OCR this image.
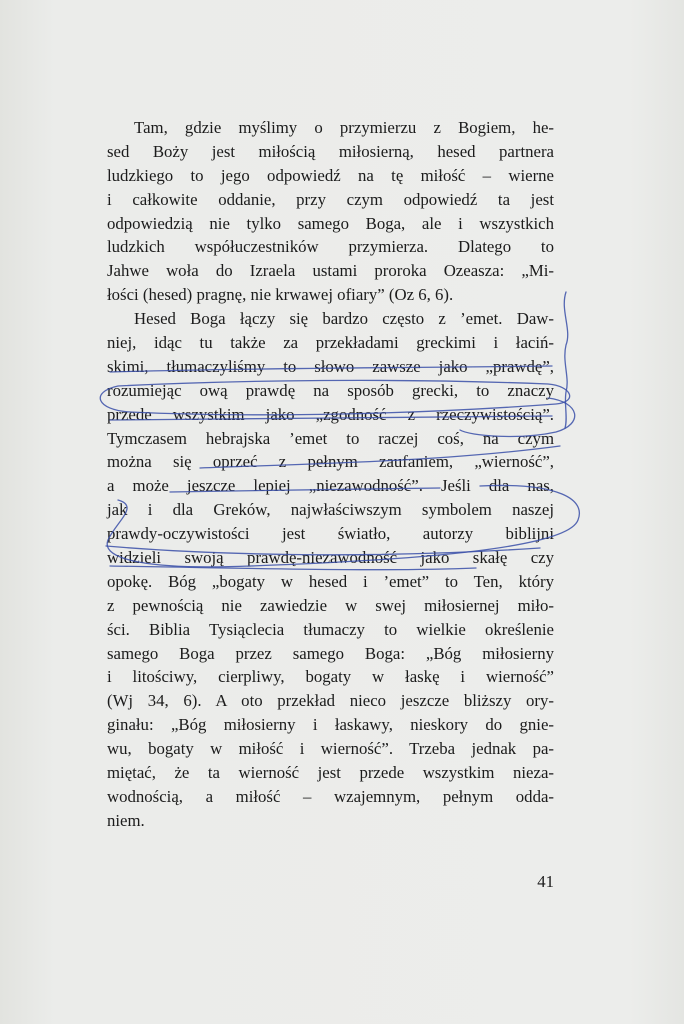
Tam, gdzie myślimy o przymierzu z Bogiem, he-
sed Boży jest miłością miłosierną, hesed partnera
ludzkiego to jego odpowiedź na tę miłość – wierne
i całkowite oddanie, przy czym odpowiedź ta jest
odpowiedzią nie tylko samego Boga, ale i wszystkich
ludzkich współuczestników przymierza. Dlatego to
Jahwe woła do Izraela ustami proroka Ozeasza: „Mi-
łości (hesed) pragnę, nie krwawej ofiary” (Oz 6, 6).
Hesed Boga łączy się bardzo często z ’emet. Daw-
niej, idąc tu także za przekładami greckimi i łaciń-
skimi, tłumaczyliśmy to słowo zawsze jako „prawdę”,
rozumiejąc ową prawdę na sposób grecki, to znaczy
przede wszystkim jako „zgodność z rzeczywistością”.
Tymczasem hebrajska ’emet to raczej coś, na czym
można się oprzeć z pełnym zaufaniem, „wierność”,
a może jeszcze lepiej „niezawodność”. Jeśli dla nas,
jak i dla Greków, najwłaściwszym symbolem naszej
prawdy-oczywistości jest światło, autorzy biblijni
widzieli swoją prawdę-niezawodność jako skałę czy
opokę. Bóg „bogaty w hesed i ’emet” to Ten, który
z pewnością nie zawiedzie w swej miłosiernej miło-
ści. Biblia Tysiąclecia tłumaczy to wielkie określenie
samego Boga przez samego Boga: „Bóg miłosierny
i litościwy, cierpliwy, bogaty w łaskę i wierność”
(Wj 34, 6). A oto przekład nieco jeszcze bliższy ory-
ginału: „Bóg miłosierny i łaskawy, nieskory do gnie-
wu, bogaty w miłość i wierność”. Trzeba jednak pa-
miętać, że ta wierność jest przede wszystkim nieza-
wodnością, a miłość – wzajemnym, pełnym odda-
niem.
41
